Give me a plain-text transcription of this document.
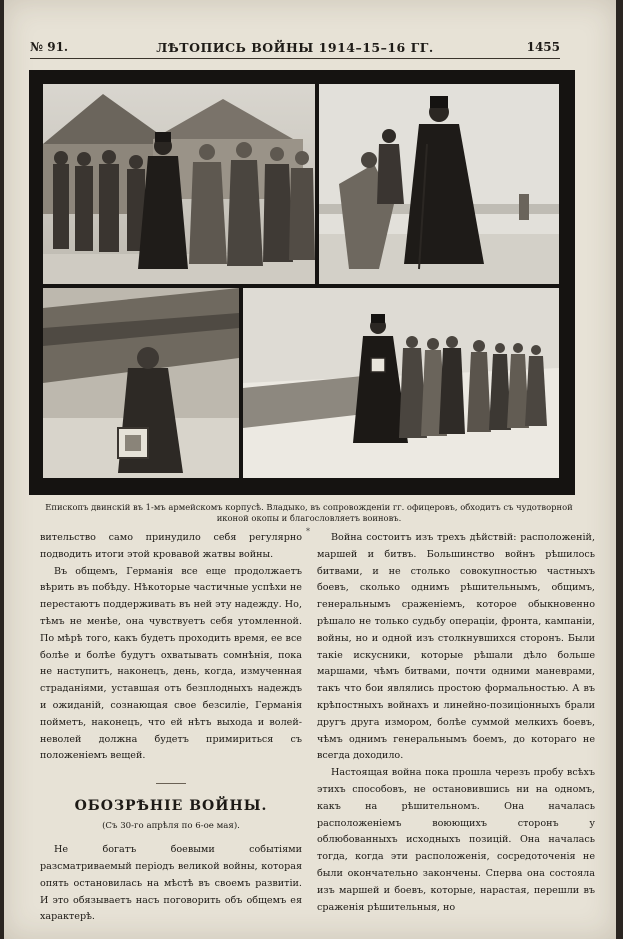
№ 91.	ЛѢТОПИСЬ ВОЙНЫ 1914–15–16 ГГ.	1455
Епископъ двинскій въ 1-мъ армейскомъ корпусѣ. Владыко, въ сопровожденіи гг. офицеровъ, обходитъ съ чудотворной иконой окопы и благословляетъ воиновъ.
*

вительство само принудило себя регулярно подводить итоги этой кровавой жатвы войны.

Въ общемъ, Германія все еще продолжаетъ вѣрить въ побѣду. Нѣкоторые частичные успѣхи не перестаютъ поддерживать въ ней эту надежду. Но, тѣмъ не менѣе, она чувствуетъ себя утомленной. По мѣрѣ того, какъ будетъ проходить время, ее все болѣе и болѣе будутъ охватывать сомнѣнія, пока не наступитъ, наконецъ, день, когда, измученная страданіями, уставшая отъ безплодныхъ надеждъ и ожиданій, сознающая свое безсиліе, Германія пойметъ, наконецъ, что ей нѣтъ выхода и волей-неволей должна будетъ примириться съ положеніемъ вещей.

ОБОЗРѢНІЕ ВОЙНЫ.

(Съ 30-го апрѣля по 6-ое мая).

Не богатъ боевыми событіями разсматриваемый періодъ великой войны, которая опять остановилась на мѣстѣ въ своемъ развитіи. И это обязываетъ насъ поговорить объ общемъ ея характерѣ.

Война состоитъ изъ трехъ дѣйствій: расположеній, маршей и битвъ. Большинство войнъ рѣшилось битвами, и не столько совокупностью частныхъ боевъ, сколько однимъ рѣшительнымъ, общимъ, генеральнымъ сраженіемъ, которое обыкновенно рѣшало не только судьбу операціи, фронта, кампаніи, войны, но и одной изъ столкнувшихся сторонъ. Были такіе искусники, которые рѣшали дѣло больше маршами, чѣмъ битвами, почти одними маневрами, такъ что бои являлись простою формальностью. А въ крѣпостныхъ войнахъ и линейно-позиціонныхъ брали другъ друга измором, болѣе суммой мелкихъ боевъ, чѣмъ однимъ генеральнымъ боемъ, до котораго не всегда доходило.

Настоящая война пока прошла черезъ пробу всѣхъ этихъ способовъ, не остановившись ни на одномъ, какъ на рѣшительномъ. Она началась расположеніемъ воюющихъ сторонъ у облюбованныхъ исходныхъ позицій. Она началась тогда, когда эти расположенія, сосредоточенія не были окончательно закончены. Сперва она состояла изъ маршей и боевъ, которые, нарастая, перешли въ сраженія рѣшительныя, но
